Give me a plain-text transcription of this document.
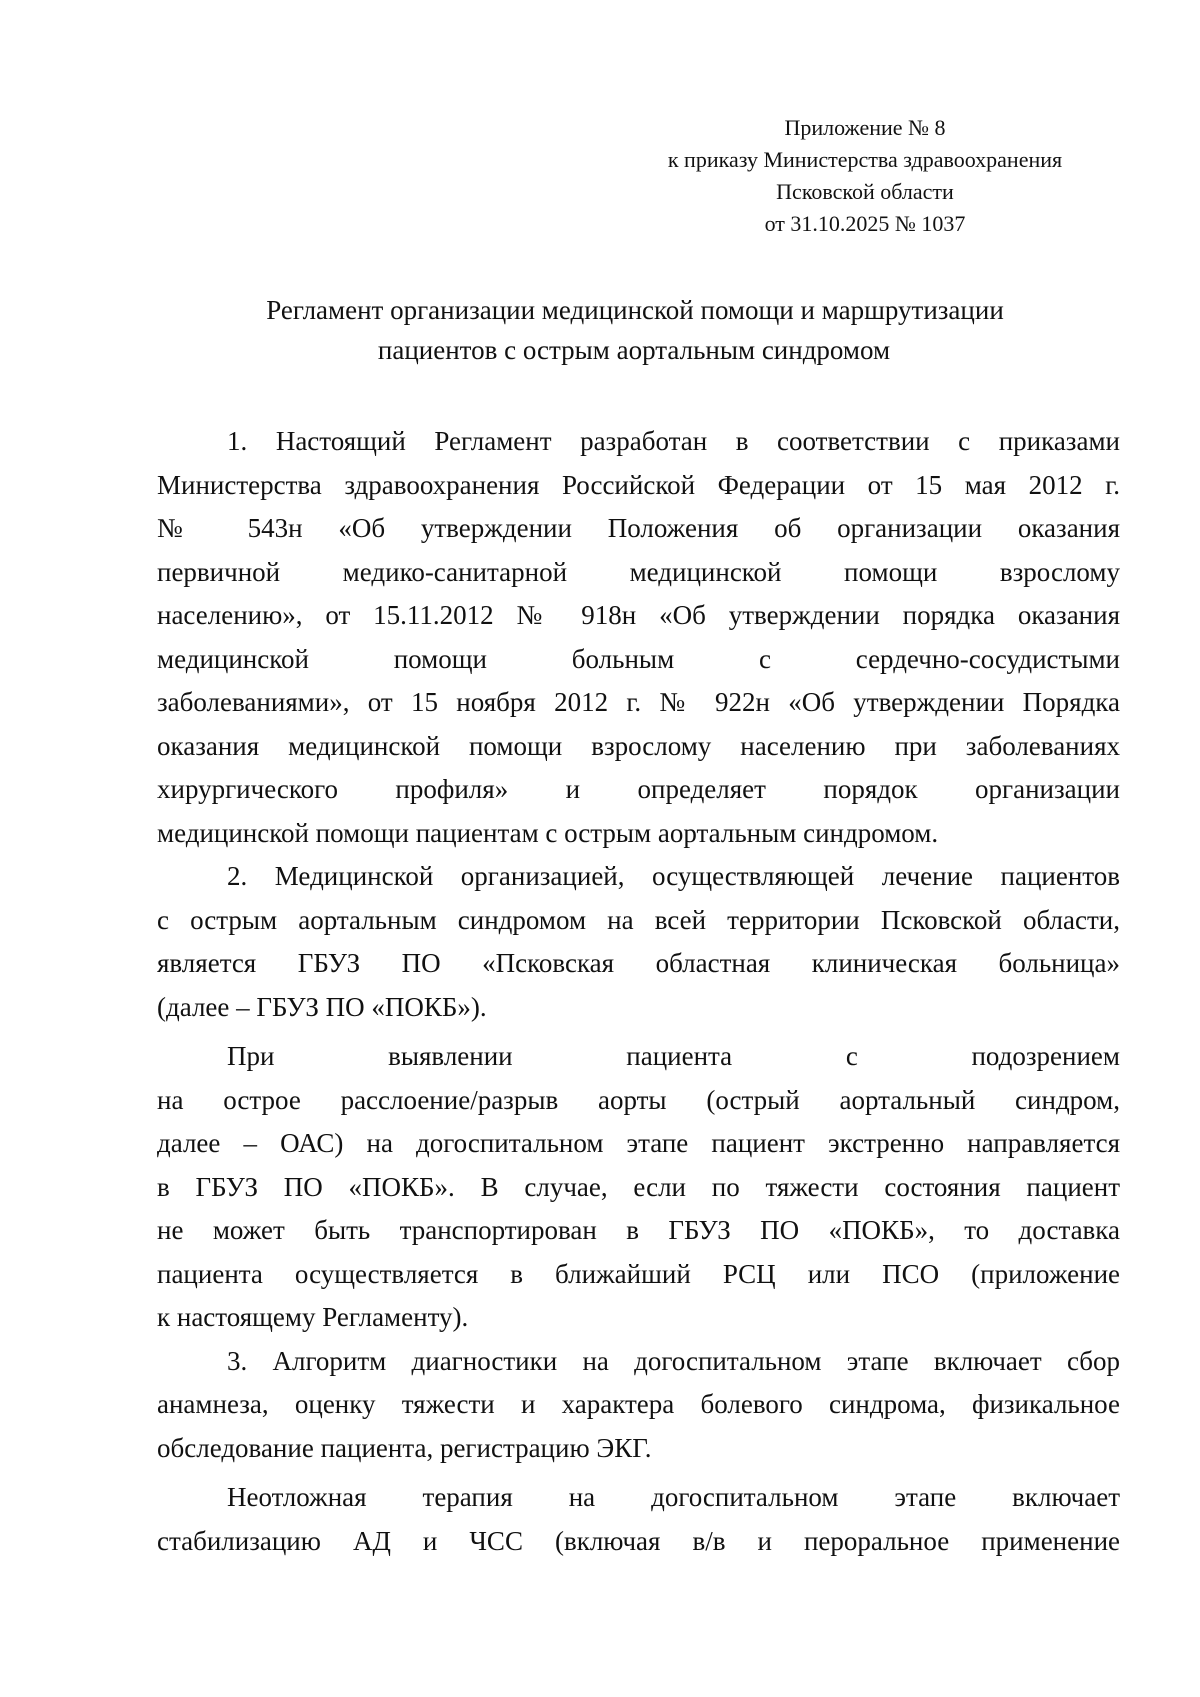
Приложение № 8
к приказу Министерства здравоохранения
Псковской области
от 31.10.2025 № 1037
Регламент организации медицинской помощи и маршрутизации
пациентов с острым аортальным синдромом
1. Настоящий Регламент разработан в соответствии с приказами
Министерства здравоохранения Российской Федерации от 15 мая 2012 г.
№ 543н «Об утверждении Положения об организации оказания
первичной медико-санитарной медицинской помощи взрослому
населению», от 15.11.2012 № 918н «Об утверждении порядка оказания
медицинской помощи больным с сердечно-сосудистыми
заболеваниями», от 15 ноября 2012 г. № 922н «Об утверждении Порядка
оказания медицинской помощи взрослому населению при заболеваниях
хирургического профиля» и определяет порядок организации
медицинской помощи пациентам с острым аортальным синдромом.
2. Медицинской организацией, осуществляющей лечение пациентов
с острым аортальным синдромом на всей территории Псковской области,
является ГБУЗ ПО «Псковская областная клиническая больница»
(далее – ГБУЗ ПО «ПОКБ»).
При выявлении пациента с подозрением
на острое расслоение/разрыв аорты (острый аортальный синдром,
далее – ОАС) на догоспитальном этапе пациент экстренно направляется
в ГБУЗ ПО «ПОКБ». В случае, если по тяжести состояния пациент
не может быть транспортирован в ГБУЗ ПО «ПОКБ», то доставка
пациента осуществляется в ближайший РСЦ или ПСО (приложение
к настоящему Регламенту).
3. Алгоритм диагностики на догоспитальном этапе включает сбор
анамнеза, оценку тяжести и характера болевого синдрома, физикальное
обследование пациента, регистрацию ЭКГ.
Неотложная терапия на догоспитальном этапе включает
стабилизацию АД и ЧСС (включая в/в и пероральное применение
